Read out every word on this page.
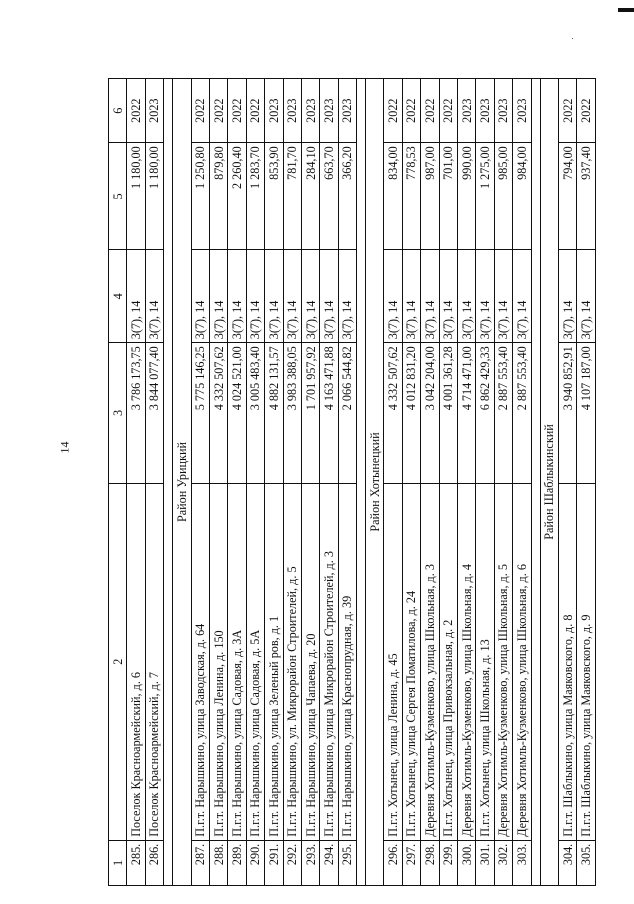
14
1	2	3	4	5	6
285.	Поселок Красноармейский, д. 6	3 786 173,75	3(7), 14	1 180,00	2022
286.	Поселок Красноармейский, д. 7	3 844 077,40	3(7), 14	1 180,00	2023

Район Урицкий					
287.	П.г.т. Нарышкино, улица Заводская, д. 64	5 775 146,25	3(7), 14	1 250,80	2022
288.	П.г.т. Нарышкино, улица Ленина, д. 150	4 332 507,62	3(7), 14	879,80	2022
289.	П.г.т. Нарышкино, улица Садовая, д. 3А	4 024 521,00	3(7), 14	2 260,40	2022
290.	П.г.т. Нарышкино, улица Садовая, д. 5А	3 005 483,40	3(7), 14	1 283,70	2022
291.	П.г.т. Нарышкино, улица Зеленый ров, д. 1	4 882 131,57	3(7), 14	853,90	2023
292.	П.г.т. Нарышкино, ул. Микрорайон Строителей, д. 5	3 983 388,05	3(7), 14	781,70	2023
293.	П.г.т. Нарышкино, улица Чапаева, д. 20	1 701 957,92	3(7), 14	284,10	2023
294.	П.г.т. Нарышкино, улица Микрорайон Строителей, д. 3	4 163 471,88	3(7), 14	663,70	2023
295.	П.г.т. Нарышкино, улица Краснопрудная, д. 39	2 066 544,82	3(7), 14	366,20	2023

Район Хотынецкий					
296.	П.г.т. Хотынец, улица Ленина, д. 45	4 332 507,62	3(7), 14	834,00	2022
297.	П.г.т. Хотынец, улица Сергея Поматилова, д. 24	4 012 831,20	3(7), 14	778,53	2022
298.	Деревня Хотимль-Кузменково, улица Школьная, д. 3	3 042 204,00	3(7), 14	987,00	2022
299.	П.г.т. Хотынец, улица Привокзальная, д. 2	4 001 361,28	3(7), 14	701,00	2022
300.	Деревня Хотимль-Кузменково, улица Школьная, д. 4	4 714 471,00	3(7), 14	990,00	2023
301.	П.г.т. Хотынец, улица Школьная, д. 13	6 862 429,33	3(7), 14	1 275,00	2023
302.	Деревня Хотимль-Кузменково, улица Школьная, д. 5	2 887 553,40	3(7), 14	985,00	2023
303.	Деревня Хотимль-Кузменково, улица Школьная, д. 6	2 887 553,40	3(7), 14	984,00	2023

Район Шаблыкинский					
304.	П.г.т. Шаблыкино, улица Маяковского, д. 8	3 940 852,91	3(7), 14	794,00	2022
305.	П.г.т. Шаблыкино, улица Маяковского, д. 9	4 107 187,00	3(7), 14	937,40	2022
